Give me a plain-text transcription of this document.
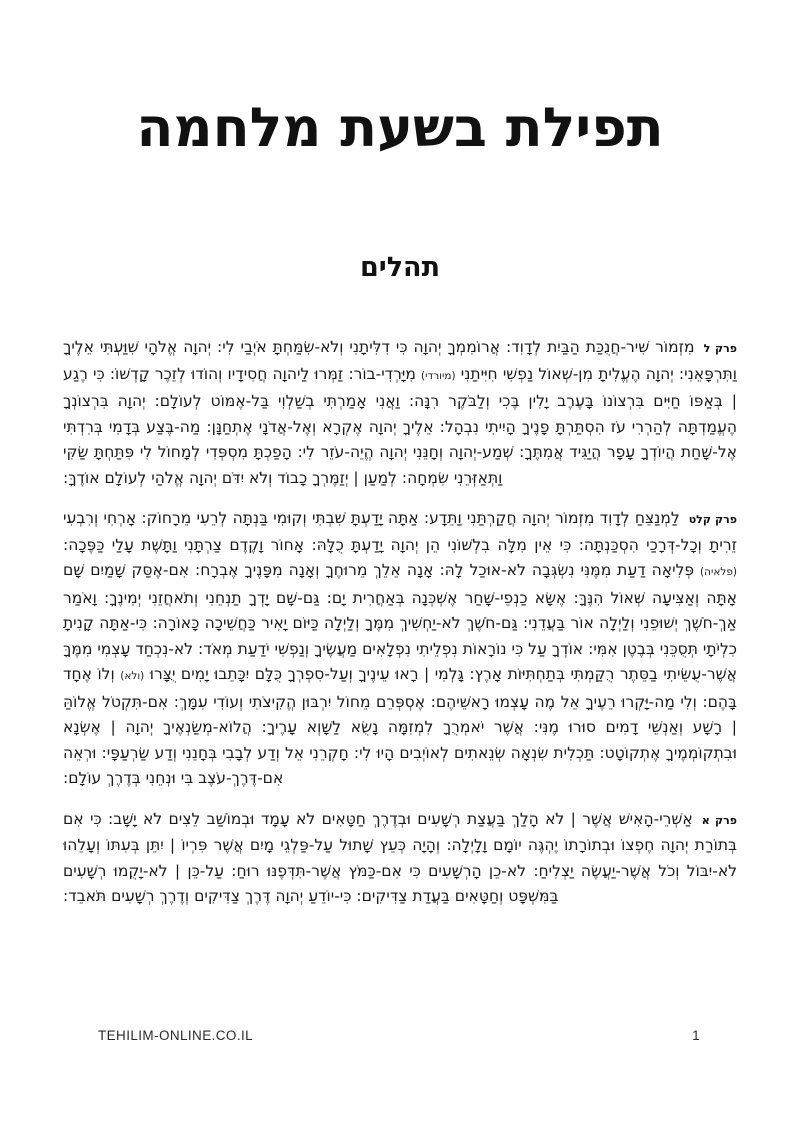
תפילת בשעת מלחמה
תהלים

פרק למִזְמוֹר שִׁיר-חֲנֻכַּת הַבַּיִת לְדָוִד: אֲרוֹמִמְךָ יְהוָה כִּי דִלִּיתָנִי וְלֹא-שִׂמַּחְתָּ אֹיְבַי לִי: יְהוָה אֱלֹהָי שִׁוַּעְתִּי אֵלֶיךָ וַתִּרְפָּאֵנִי: יְהוָה הֶעֱלִיתָ מִן-שְׁאוֹל נַפְשִׁי חִיִּיתַנִי (מיורדי) מִיָּרְדִי-בוֹר: זַמְּרוּ לַיהוָה חֲסִידָיו וְהוֹדוּ לְזֵכֶר קָדְשׁוֹ: כִּי רֶגַע | בְּאַפּוֹ חַיִּים בִּרְצוֹנוֹ בָּעֶרֶב יָלִין בֶּכִי וְלַבֹּקֶר רִנָּה: וַאֲנִי אָמַרְתִּי בְשַׁלְוִי בַּל-אֶמּוֹט לְעוֹלָם: יְהוָה בִּרְצוֹנְךָ הֶעֱמַדְתָּה לְהַרְרִי עֹז הִסְתַּרְתָּ פָנֶיךָ הָיִיתִי נִבְהָל: אֵלֶיךָ יְהוָה אֶקְרָא וְאֶל-אֲדֹנָי אֶתְחַנָּן: מַה-בֶּצַע בְּדָמִי בְּרִדְתִּי אֶל-שָׁחַת הֲיוֹדְךָ עָפָר הֲיַגִּיד אֲמִתֶּךָ: שְׁמַע-יְהוָה וְחָנֵּנִי יְהוָה הֱיֵה-עֹזֵר לִי: הָפַכְתָּ מִסְפְּדִי לְמָחוֹל לִי פִּתַּחְתָּ שַׂקִּי וַתְּאַזְּרֵנִי שִׂמְחָה: לְמַעַן | יְזַמֶּרְךָ כָבוֹד וְלֹא יִדֹּם יְהוָה אֱלֹהַי לְעוֹלָם אוֹדֶךָּ:

פרק קלטלַמְנַצֵּחַ לְדָוִד מִזְמוֹר יְהוָה חֲקַרְתַּנִי וַתֵּדָע: אַתָּה יָדַעְתָּ שִׁבְתִּי וְקוּמִי בַּנְתָּה לְרֵעִי מֵרָחוֹק: אָרְחִי וְרִבְעִי זֵרִיתָ וְכָל-דְּרָכַי הִסְכַּנְתָּה: כִּי אֵין מִלָּה בִלְשׁוֹנִי הֵן יְהוָה יָדַעְתָּ כֻלָּהּ: אָחוֹר וָקֶדֶם צַרְתָּנִי וַתָּשֶׁת עָלַי כַּפֶּכָה: (פלאיה) פְּלִיאָה דַעַת מִמֶּנִּי נִשְׂגְּבָה לֹא-אוּכַל לָהּ: אָנָה אֵלֵךְ מֵרוּחֶךָ וְאָנָה מִפָּנֶיךָ אֶבְרָח: אִם-אֶסַּק שָׁמַיִם שָׁם אָתָּה וְאַצִּיעָה שְּׁאוֹל הִנֶּךָּ: אֶשָּׂא כַנְפֵי-שָׁחַר אֶשְׁכְּנָה בְּאַחֲרִית יָם: גַּם-שָׁם יָדְךָ תַנְחֵנִי וְתֹאחֲזֵנִי יְמִינֶךָ: וָאֹמַר אַךְ-חֹשֶׁךְ יְשׁוּפֵנִי וְלַיְלָה אוֹר בַּעֲדֵנִי: גַּם-חֹשֶׁךְ לֹא-יַחְשִׁיךְ מִמֶּךָ וְלַיְלָה כַּיּוֹם יָאִיר כַּחֲשֵׁיכָה כָּאוֹרָה: כִּי-אַתָּה קָנִיתָ כִלְיֹתָי תְּסֻכֵּנִי בְּבֶטֶן אִמִּי: אוֹדְךָ עַל כִּי נוֹרָאוֹת נִפְלֵיתִי נִפְלָאִים מַעֲשֶׂיךָ וְנַפְשִׁי יֹדַעַת מְאֹד: לֹא-נִכְחַד עָצְמִי מִמֶּךָּ אֲשֶׁר-עֻשֵּׂיתִי בַסֵּתֶר רֻקַּמְתִּי בְּתַחְתִּיּוֹת אָרֶץ: גָּלְמִי | רָאוּ עֵינֶיךָ וְעַל-סִפְרְךָ כֻּלָּם יִכָּתֵבוּ יָמִים יֻצָּרוּ (ולא) וְלוֹ אֶחָד בָּהֶם: וְלִי מַה-יָּקְרוּ רֵעֶיךָ אֵל מֶה עָצְמוּ רָאשֵׁיהֶם: אֶסְפְּרֵם מֵחוֹל יִרְבּוּן הֱקִיצֹתִי וְעוֹדִי עִמָּךְ: אִם-תִּקְטֹל אֱלוֹהַּ | רָשָׁע וְאַנְשֵׁי דָמִים סוּרוּ מֶנִּי: אֲשֶׁר יֹאמְרֻךָ לִמְזִמָּה נָשֻׂא לַשָּׁוְא עָרֶיךָ: הֲלוֹא-מְשַׂנְאֶיךָ יְהוָה | אֶשְׂנָא וּבִתְקוֹמְמֶיךָ אֶתְקוֹטָט: תַּכְלִית שִׂנְאָה שְׂנֵאתִים לְאוֹיְבִים הָיוּ לִי: חָקְרֵנִי אֵל וְדַע לְבָבִי בְּחָנֵנִי וְדַע שַׂרְעַפָּי: וּרְאֵה אִם-דֶּרֶךְ-עֹצֶב בִּי וּנְחֵנִי בְּדֶרֶךְ עוֹלָם:

פרק אאַשְׁרֵי-הָאִישׁ אֲשֶׁר | לֹא הָלַךְ בַּעֲצַת רְשָׁעִים וּבְדֶרֶךְ חַטָּאִים לֹא עָמָד וּבְמוֹשַׁב לֵצִים לֹא יָשָׁב: כִּי אִם בְּתוֹרַת יְהוָה חֶפְצוֹ וּבְתוֹרָתוֹ יֶהְגֶּה יוֹמָם וָלָיְלָה: וְהָיָה כְּעֵץ שָׁתוּל עַל-פַּלְגֵי מָיִם אֲשֶׁר פִּרְיוֹ | יִתֵּן בְּעִתּוֹ וְעָלֵהוּ לֹא-יִבּוֹל וְכֹל אֲשֶׁר-יַעֲשֶׂה יַצְלִיחַ: לֹא-כֵן הָרְשָׁעִים כִּי אִם-כַּמֹּץ אֲשֶׁר-תִּדְּפֶנּוּ רוּחַ: עַל-כֵּן | לֹא-יָקֻמוּ רְשָׁעִים בַּמִּשְׁפָּט וְחַטָּאִים בַּעֲדַת צַדִּיקִים: כִּי-יוֹדֵעַ יְהוָה דֶּרֶךְ צַדִּיקִים וְדֶרֶךְ רְשָׁעִים תֹּאבֵד:

TEHILIM-ONLINE.CO.IL	1
